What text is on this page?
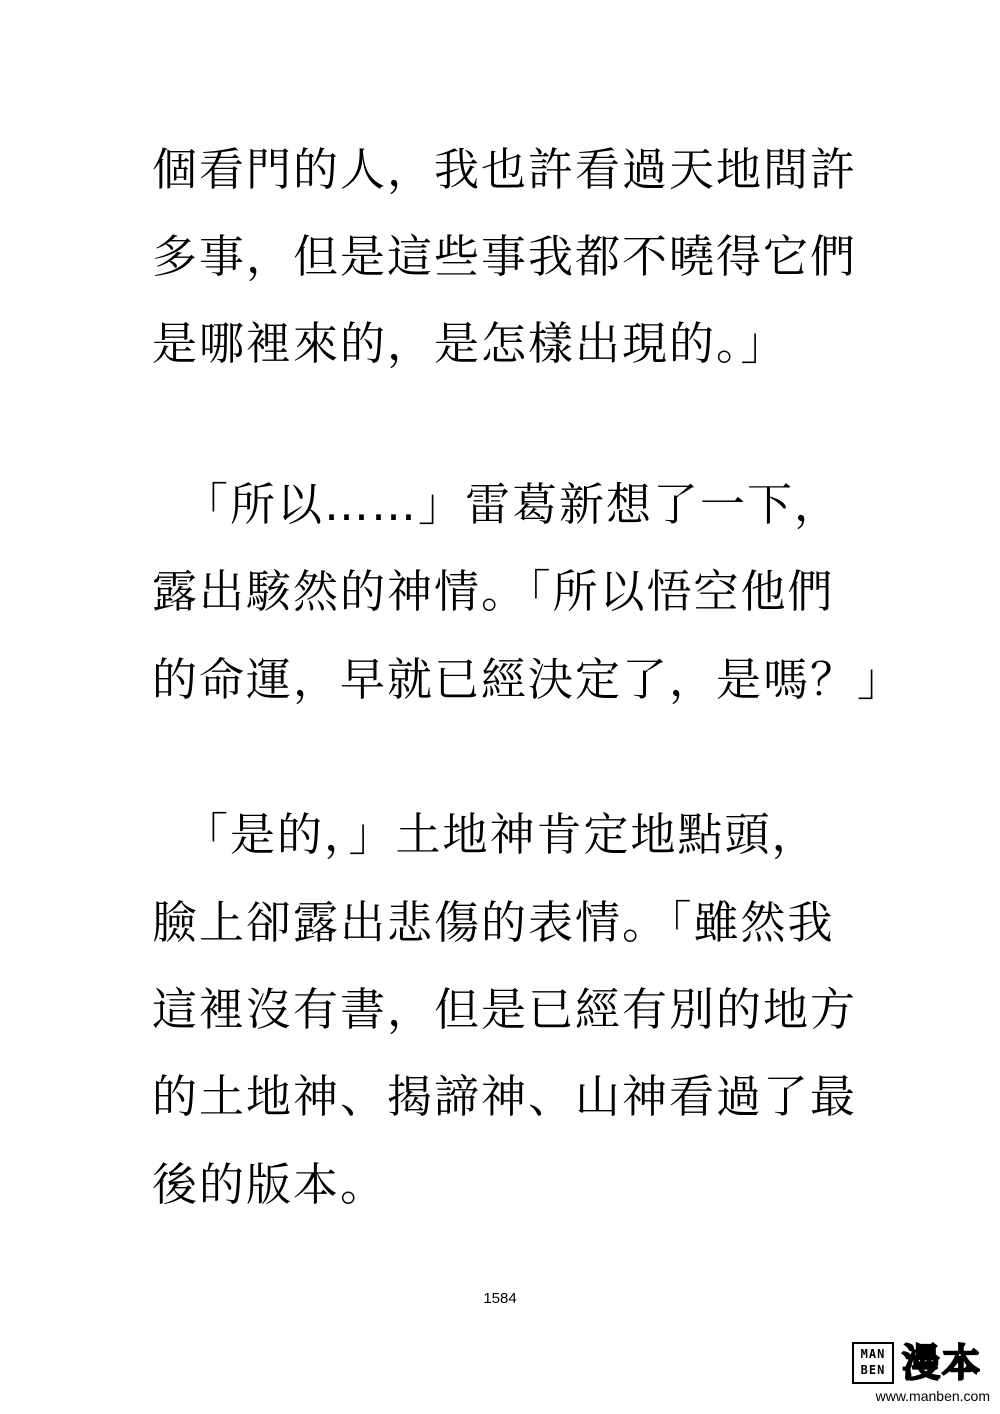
個看門的人，我也許看過天地間許
多事，但是這些事我都不曉得它們
是哪裡來的，是怎樣出現的。」
「所以……」雷葛新想了一下，
露出駭然的神情。「所以悟空他們
的命運，早就已經決定了，是嗎？」
「是的，」土地神肯定地點頭，
臉上卻露出悲傷的表情。「雖然我
這裡沒有書，但是已經有別的地方
的土地神、揭諦神、山神看過了最
後的版本。
1584
MAN
BEN 漫本
www.manben.com
